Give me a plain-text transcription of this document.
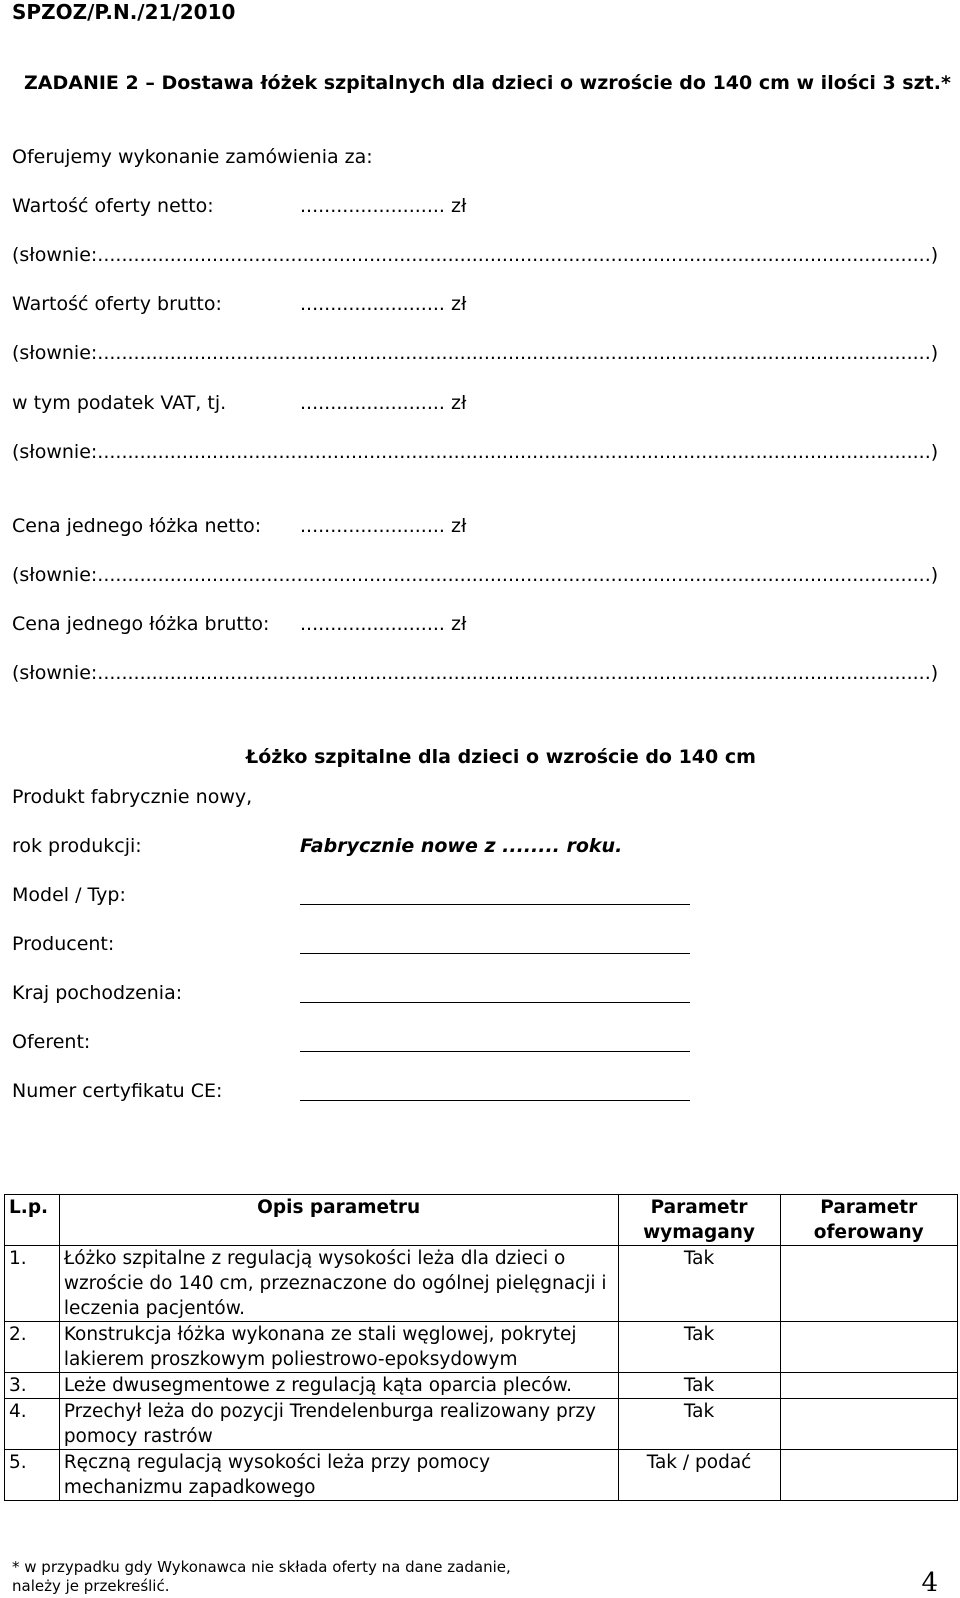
SPZOZ/P.N./21/2010
ZADANIE 2 – Dostawa łóżek szpitalnych dla dzieci o wzroście do 140 cm w ilości 3 szt.*
Oferujemy wykonanie zamówienia za:
Wartość oferty netto:	........................ zł
(słownie:..........................................................................................................................................)
Wartość oferty brutto:	........................ zł
(słownie:..........................................................................................................................................)
w tym podatek VAT, tj.	........................ zł
(słownie:..........................................................................................................................................)
Cena jednego łóżka netto: ........................ zł
(słownie:..........................................................................................................................................)
Cena jednego łóżka brutto: ........................ zł
(słownie:..........................................................................................................................................)
Łóżko szpitalne dla dzieci o wzroście do 140 cm
Produkt fabrycznie nowy,
rok produkcji:	Fabrycznie nowe z ........ roku.
Model / Typ:
Producent:
Kraj pochodzenia:
Oferent:
Numer certyfikatu CE:
L.p.	Opis parametru	Parametr wymagany	Parametr oferowany
1.	Łóżko szpitalne z regulacją wysokości leża dla dzieci o wzroście do 140 cm, przeznaczone do ogólnej pielęgnacji i leczenia pacjentów.	Tak	
2.	Konstrukcja łóżka wykonana ze stali węglowej, pokrytej lakierem proszkowym poliestrowo-epoksydowym	Tak	
3.	Leże dwusegmentowe z regulacją kąta oparcia pleców.	Tak	
4.	Przechył leża do pozycji Trendelenburga realizowany przy pomocy rastrów	Tak	
5.	Ręczną regulacją wysokości leża przy pomocy mechanizmu zapadkowego	Tak / podać	
* w przypadku gdy Wykonawca nie składa oferty na dane zadanie, należy je przekreślić.	4
